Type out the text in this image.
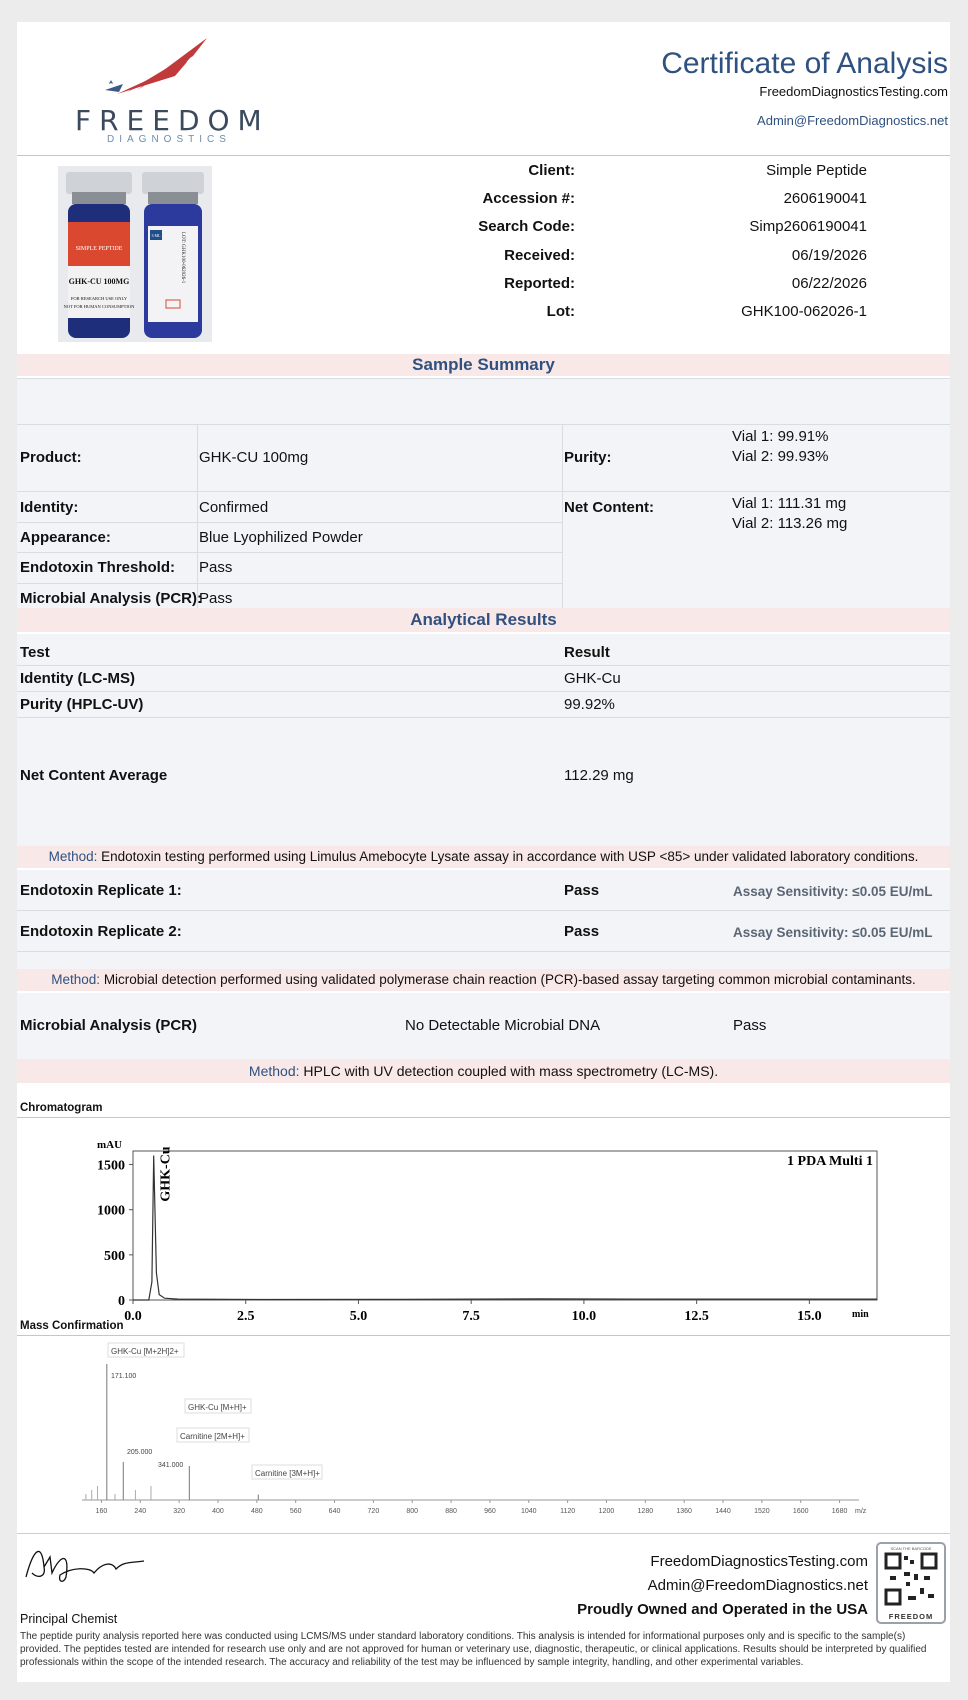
FREEDOM
DIAGNOSTICS
Certificate of Analysis
FreedomDiagnosticsTesting.com
Admin@FreedomDiagnostics.net
SIMPLE PEPTIDE
GHK-CU 100MG
FOR RESEARCH USE ONLY
NOT FOR HUMAN CONSUMPTION
3 ML	LOT: GHK100-062026-1
Client:	Simple Peptide
Accession #:	2606190041
Search Code:	Simp2606190041
Received:	06/19/2026
Reported:	06/22/2026
Lot:	GHK100-062026-1
Sample Summary
Product:	GHK-CU 100mg	Purity:
Vial 1: 99.91%
Vial 2: 99.93%
Identity:	Confirmed	Net Content:	Vial 1: 111.31 mg
Vial 2: 113.26 mg
Appearance:	Blue Lyophilized Powder
Endotoxin Threshold: Pass
Microbial Analysis (PCR):
Pass
Analytical Results
Test	Result
Identity (LC-MS)	GHK-Cu
Purity (HPLC-UV)	99.92%
Net Content Average	112.29 mg
Method: Endotoxin testing performed using Limulus Amebocyte Lysate assay in accordance with USP <85> under validated laboratory conditions.
Endotoxin Replicate 1:	Pass	Assay Sensitivity: ≤0.05 EU/mL
Endotoxin Replicate 2:	Pass	Assay Sensitivity: ≤0.05 EU/mL
Method: Microbial detection performed using validated polymerase chain reaction (PCR)-based assay targeting common microbial contaminants.
Microbial Analysis (PCR)	No Detectable Microbial DNA	Pass
Method: HPLC with UV detection coupled with mass spectrometry (LC-MS).
Chromatogram
mAU
1 PDA Multi 1
min
1500
1000
500
0
0.0	2.5	5.0	7.5	10.0	12.5	15.0
GHK-Cu
Mass Confirmation
160	240	320	400	480	560	640	720	800	880	960	1040	1120	1200	1280	1360	1440	1520	1600	1680 m/z
GHK-Cu [M+2H]2+
171.100
GHK-Cu [M+H]+
Carnitine [2M+H]+
205.000
341.000
Carnitine [3M+H]+
Principal Chemist
FreedomDiagnosticsTesting.com
Admin@FreedomDiagnostics.net
Proudly Owned and Operated in the USA
SCAN THE BARCODE
FREEDOM
The peptide purity analysis reported here was conducted using LCMS/MS under standard laboratory conditions. This analysis is intended for informational purposes only and is specific to the sample(s) provided. The peptides tested are intended for research use only and are not approved for human or veterinary use, diagnostic, therapeutic, or clinical applications. Results should be interpreted by qualified professionals within the scope of the intended research. The accuracy and reliability of the test may be influenced by sample integrity, handling, and other experimental variables.
